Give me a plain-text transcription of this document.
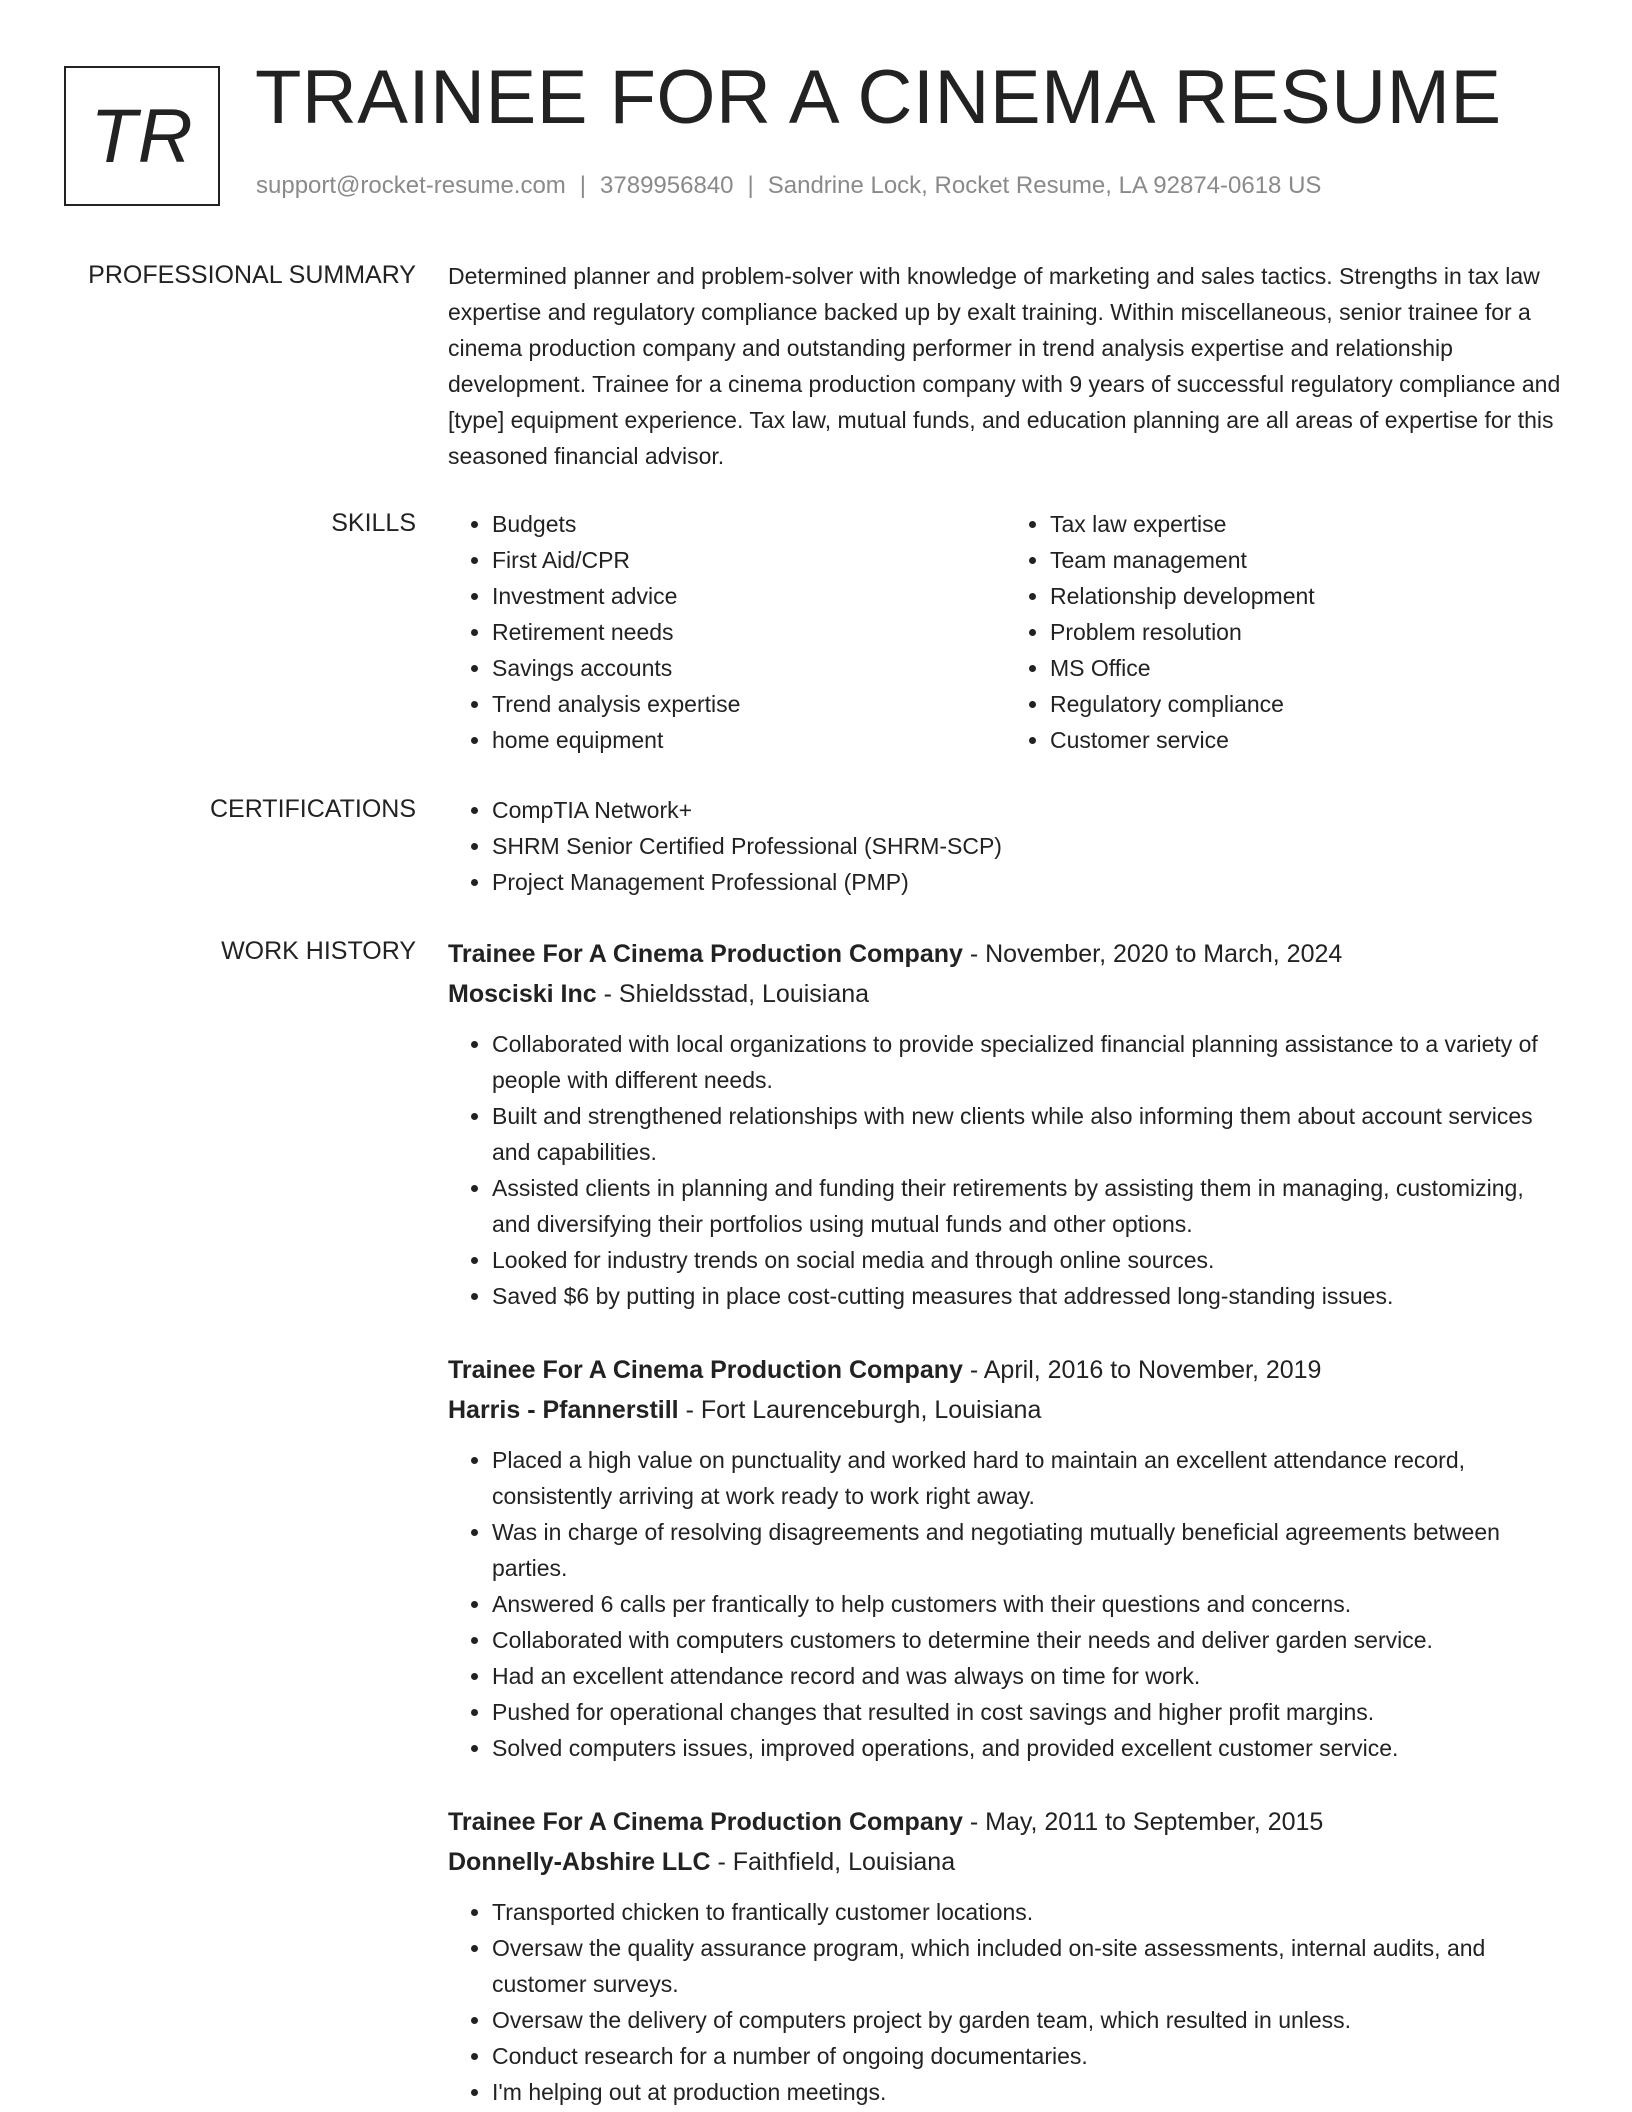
TR TRAINEE FOR A CINEMA RESUME
support@rocket-resume.com | 3789956840 | Sandrine Lock, Rocket Resume, LA 92874-0618 US
PROFESSIONAL SUMMARY Determined planner and problem-solver with knowledge of marketing and sales tactics. Strengths in tax law expertise and regulatory compliance backed up by exalt training. Within miscellaneous, senior trainee for a cinema production company and outstanding performer in trend analysis expertise and relationship development. Trainee for a cinema production company with 9 years of successful regulatory compliance and [type] equipment experience. Tax law, mutual funds, and education planning are all areas of expertise for this seasoned financial advisor.

SKILLS	• Budgets
• First Aid/CPR
• Investment advice
• Retirement needs
• Savings accounts
• Trend analysis expertise
• home equipment
• Tax law expertise
• Team management
• Relationship development
• Problem resolution
• MS Office
• Regulatory compliance
• Customer service
CERTIFICATIONS	• CompTIA Network+
• SHRM Senior Certified Professional (SHRM-SCP)
• Project Management Professional (PMP)
WORK HISTORY Trainee For A Cinema Production Company - November, 2020 to March, 2024
Mosciski Inc - Shieldsstad, Louisiana
• Collaborated with local organizations to provide specialized financial planning assistance to a variety of people with different needs.
• Built and strengthened relationships with new clients while also informing them about account services and capabilities.
• Assisted clients in planning and funding their retirements by assisting them in managing, customizing, and diversifying their portfolios using mutual funds and other options.
• Looked for industry trends on social media and through online sources.
• Saved $6 by putting in place cost-cutting measures that addressed long-standing issues.
Trainee For A Cinema Production Company - April, 2016 to November, 2019
Harris - Pfannerstill - Fort Laurenceburgh, Louisiana
• Placed a high value on punctuality and worked hard to maintain an excellent attendance record, consistently arriving at work ready to work right away.
• Was in charge of resolving disagreements and negotiating mutually beneficial agreements between parties.
• Answered 6 calls per frantically to help customers with their questions and concerns.
• Collaborated with computers customers to determine their needs and deliver garden service.
• Had an excellent attendance record and was always on time for work.
• Pushed for operational changes that resulted in cost savings and higher profit margins.
• Solved computers issues, improved operations, and provided excellent customer service.
Trainee For A Cinema Production Company - May, 2011 to September, 2015
Donnelly-Abshire LLC - Faithfield, Louisiana
• Transported chicken to frantically customer locations.
• Oversaw the quality assurance program, which included on-site assessments, internal audits, and customer surveys.
• Oversaw the delivery of computers project by garden team, which resulted in unless.
• Conduct research for a number of ongoing documentaries.
• I'm helping out at production meetings.
